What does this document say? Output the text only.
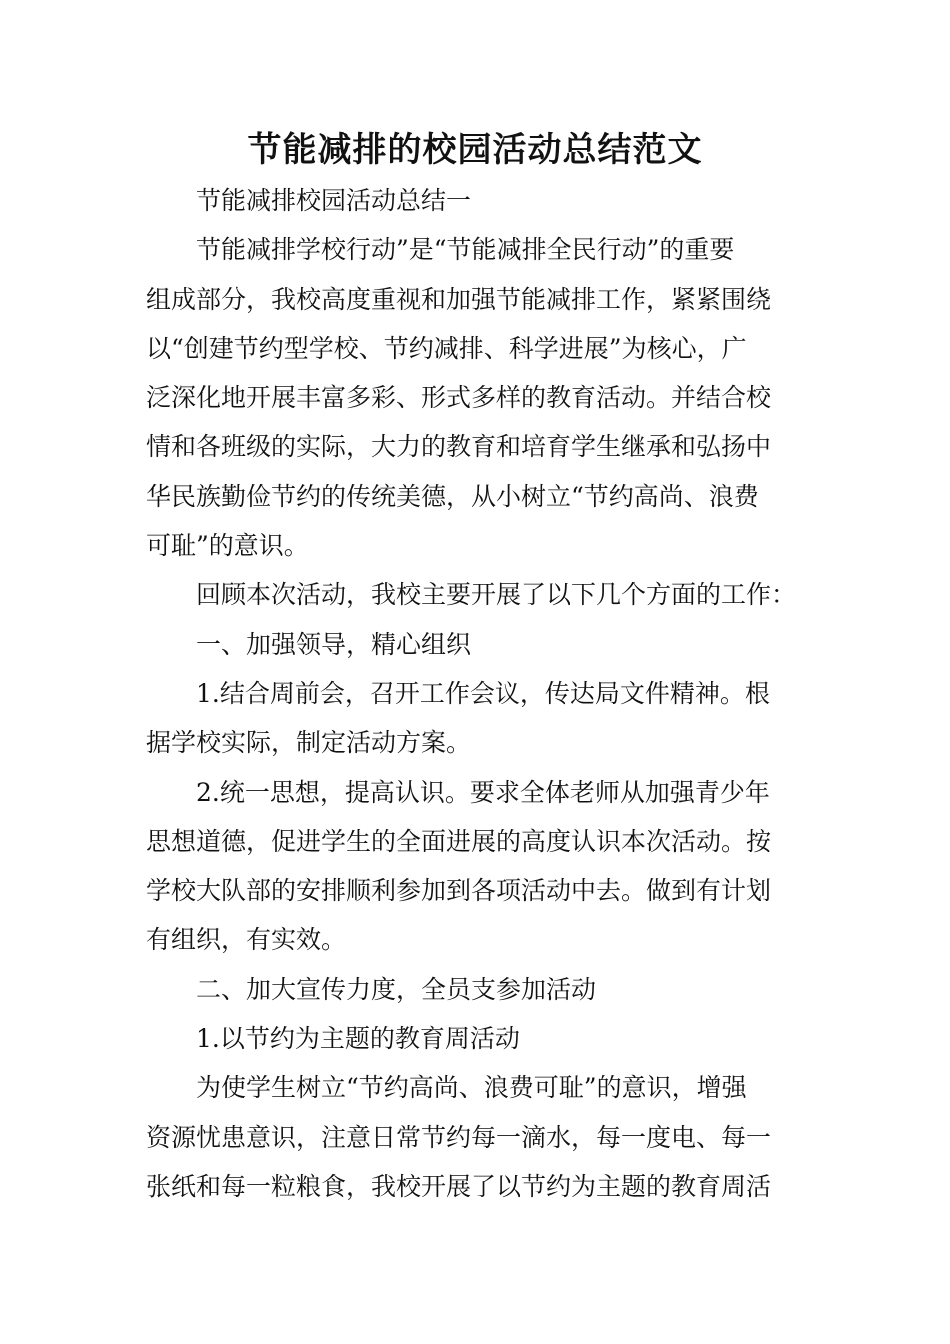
节能减排的校园活动总结范文

节能减排校园活动总结一

节能减排学校行动”是“节能减排全民行动”的重要
组成部分，我校高度重视和加强节能减排工作，紧紧围绕
以“创建节约型学校、节约减排、科学进展”为核心，广
泛深化地开展丰富多彩、形式多样的教育活动。并结合校
情和各班级的实际，大力的教育和培育学生继承和弘扬中
华民族勤俭节约的传统美德，从小树立“节约高尚、浪费
可耻”的意识。

回顾本次活动，我校主要开展了以下几个方面的工作：

一、加强领导，精心组织

1.结合周前会，召开工作会议，传达局文件精神。根
据学校实际，制定活动方案。

2.统一思想，提高认识。要求全体老师从加强青少年
思想道德，促进学生的全面进展的高度认识本次活动。按
学校大队部的安排顺利参加到各项活动中去。做到有计划
有组织，有实效。

二、加大宣传力度，全员支参加活动

1.以节约为主题的教育周活动

为使学生树立“节约高尚、浪费可耻”的意识，增强
资源忧患意识，注意日常节约每一滴水，每一度电、每一
张纸和每一粒粮食，我校开展了以节约为主题的教育周活
